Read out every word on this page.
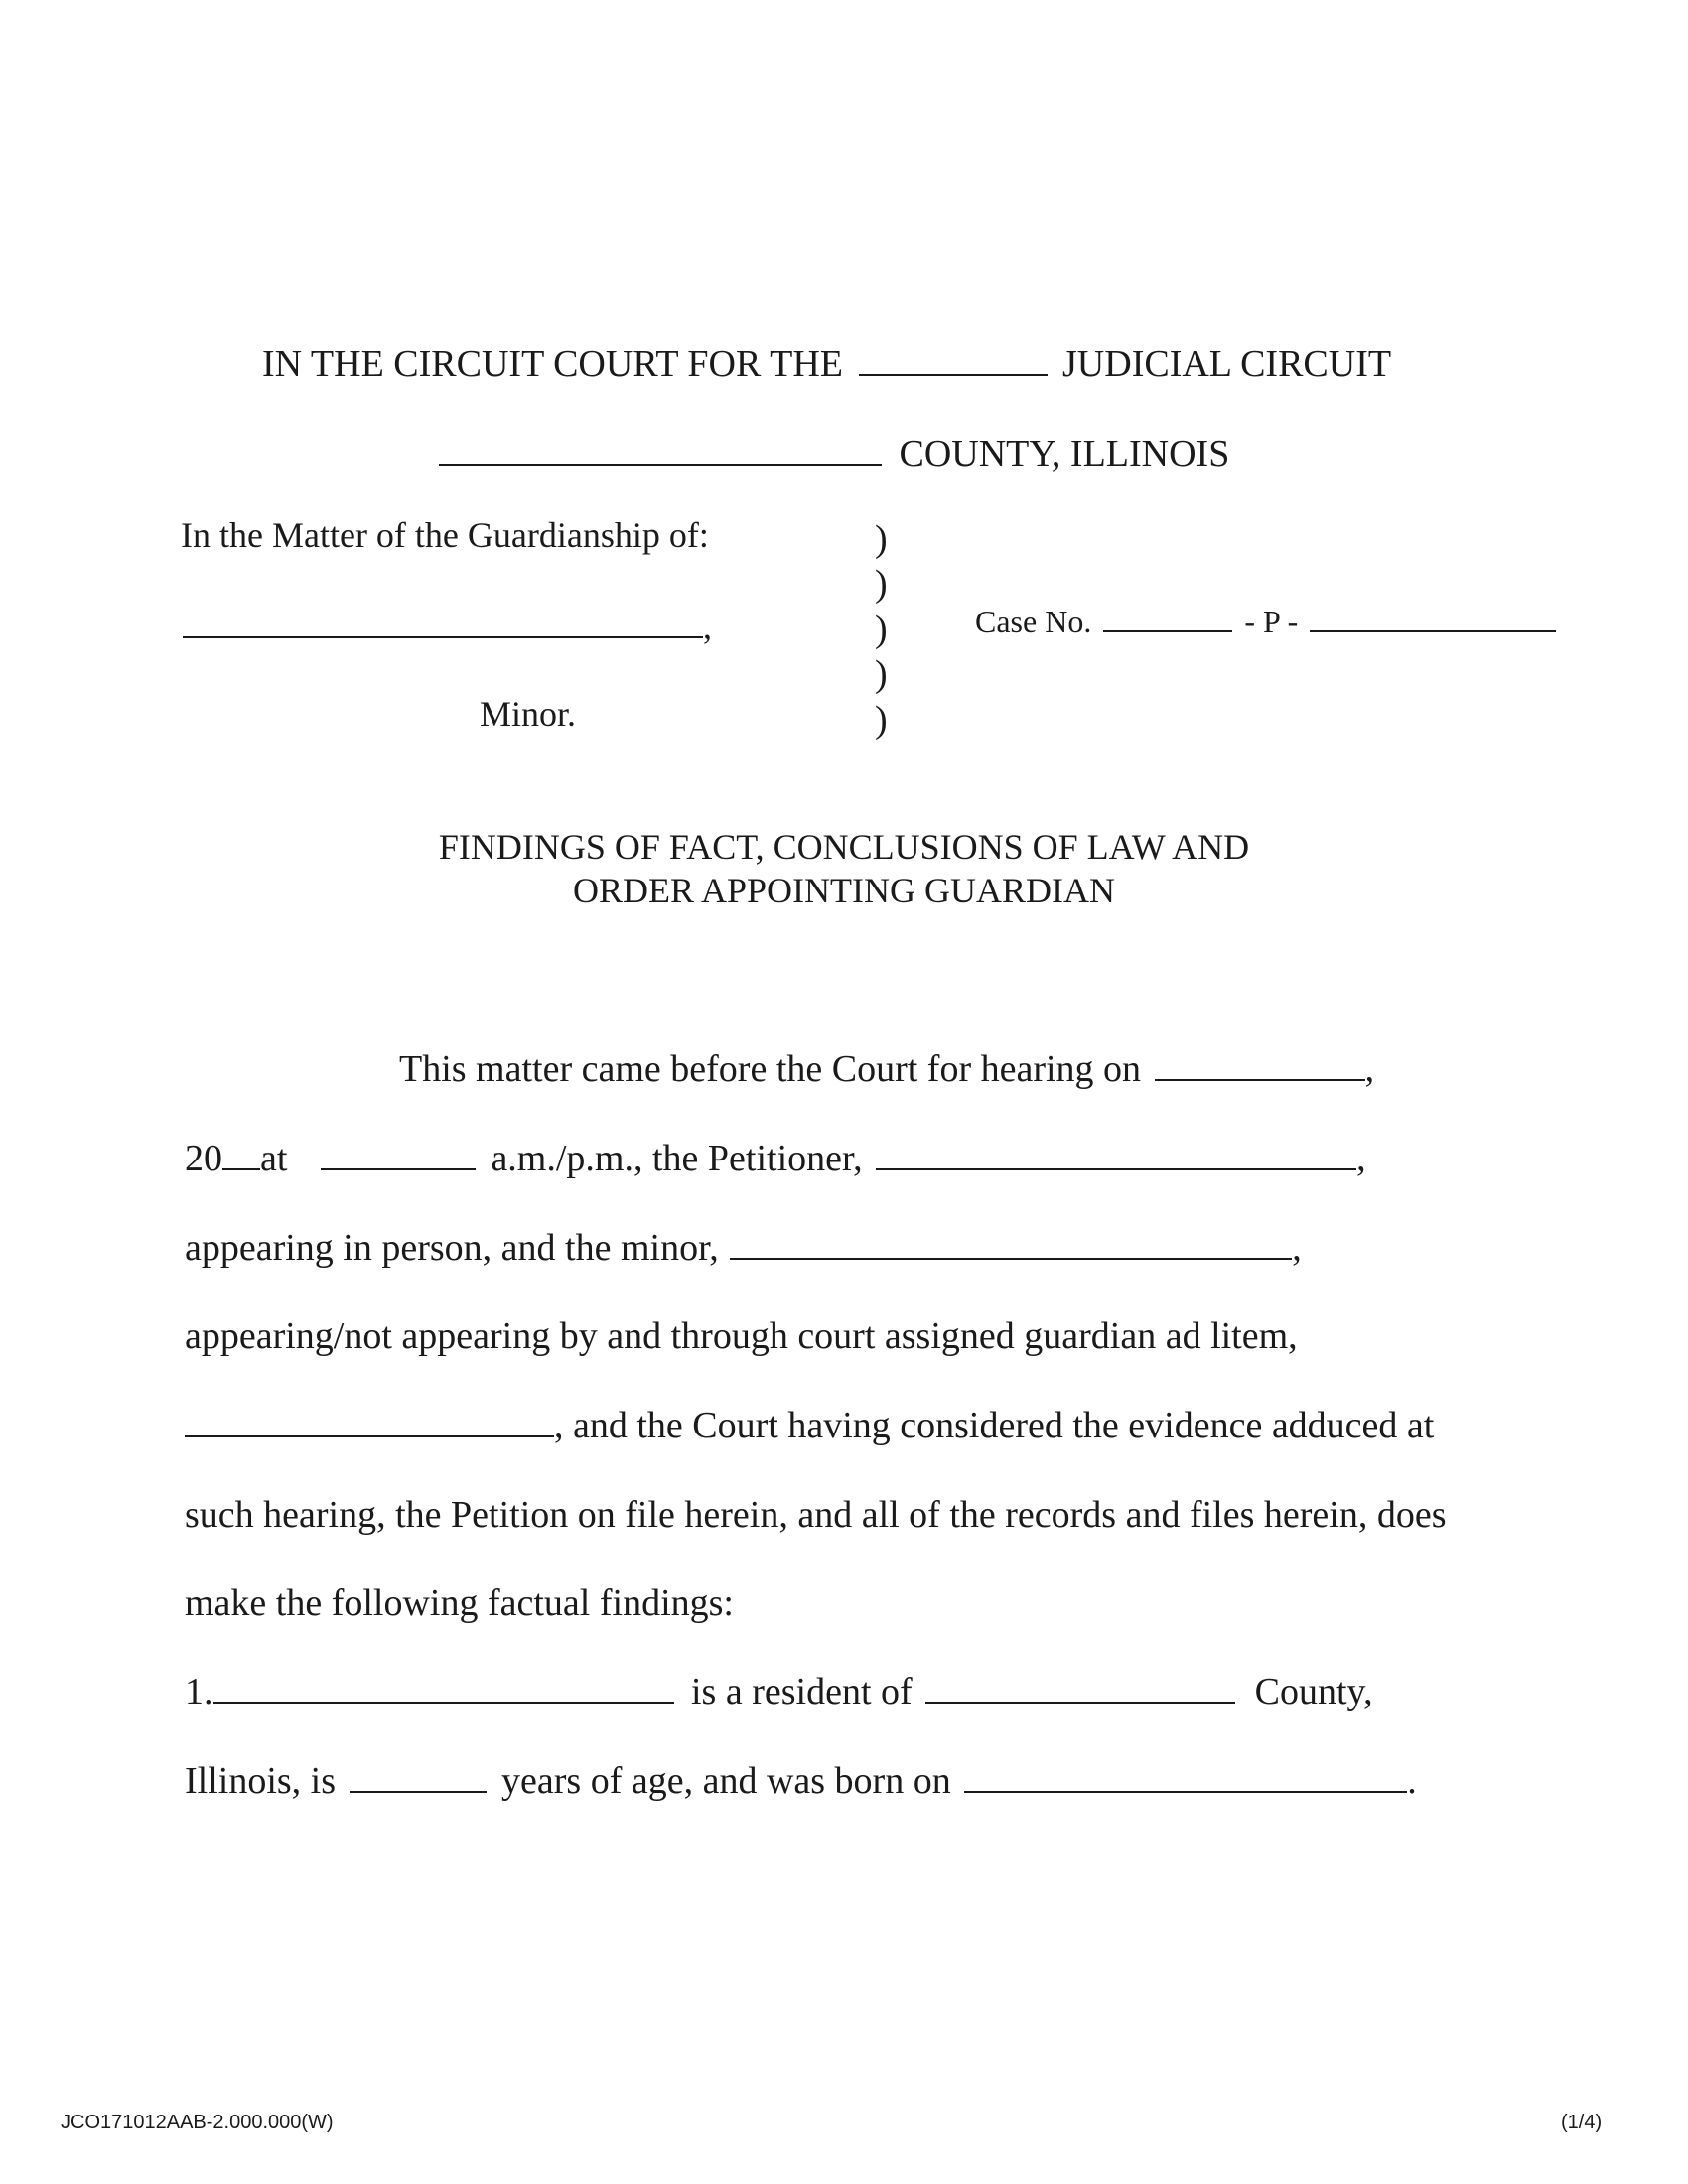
IN THE CIRCUIT COURT FOR THE	JUDICIAL CIRCUIT
COUNTY, ILLINOIS
In the Matter of the Guardianship of:
,
Minor.
)
)
)
)
)
Case No.	- P -
FINDINGS OF FACT, CONCLUSIONS OF LAW AND
ORDER APPOINTING GUARDIAN
This matter came before the Court for hearing on	,
20 at	a.m./p.m., the Petitioner,	,
appearing in person, and the minor,	,
appearing/not appearing by and through court assigned guardian ad litem,
, and the Court having considered the evidence adduced at
such hearing, the Petition on file herein, and all of the records and files herein, does
make the following factual findings:
1.	is a resident of	County,
Illinois, is	years of age, and was born on	.
JCO171012AAB-2.000.000(W)	(1/4)
